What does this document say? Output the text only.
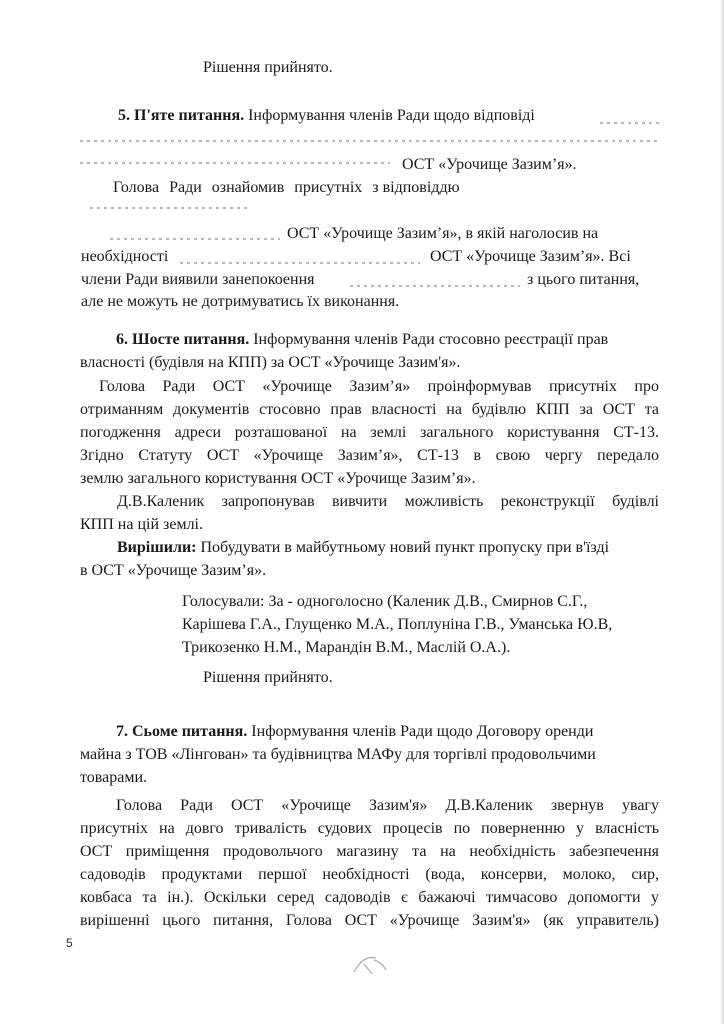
Рішення прийнято.
5. П'яте питання. Інформування членів Ради щодо відповіді
ОСТ «Урочище Зазим’я».
Голова Ради ознайомив присутніх з відповіддю
ОСТ «Урочище Зазим’я», в якій наголосив на
необхідності	ОСТ «Урочище Зазим’я». Всі
члени Ради виявили занепокоення	з цього питання,
але не можуть не дотримуватись їх виконання.
6. Шосте питання. Інформування членів Ради стосовно реєстрації прав
власності (будівля на КПП) за ОСТ «Урочище Зазим'я».
Голова Ради ОСТ «Урочище Зазим’я» проінформував присутніх про
отриманням документів стосовно прав власності на будівлю КПП за ОСТ та
погодження адреси розташованої на землі загального користування СТ-13.
Згідно Статуту ОСТ «Урочище Зазим’я», СТ-13 в свою чергу передало
землю загального користування ОСТ «Урочище Зазим’я».
Д.В.Каленик запропонував вивчити можливість реконструкції будівлі
КПП на цій землі.
Вирішили: Побудувати в майбутньому новий пункт пропуску при в'їзді
в ОСТ «Урочище Зазим’я».
Голосували: За - одноголосно (Каленик Д.В., Смирнов С.Г.,
Карішева Г.А., Глущенко М.А., Поплуніна Г.В., Уманська Ю.В,
Трикозенко Н.М., Марандін В.М., Маслій О.А.).
Рішення прийнято.
7. Сьоме питання. Інформування членів Ради щодо Договору оренди
майна з ТОВ «Лінгован» та будівництва МАФу для торгівлі продовольчими
товарами.
Голова Ради ОСТ «Урочище Зазим'я» Д.В.Каленик звернув увагу
присутніх на довго тривалість судових процесів по поверненню у власність
ОСТ приміщення продовольчого магазину та на необхідність забезпечення
садоводів продуктами першої необхідності (вода, консерви, молоко, сир,
ковбаса та ін.). Оскільки серед садоводів є бажаючі тимчасово допомогти у
вирішенні цього питання, Голова ОСТ «Урочище Зазим'я» (як управитель)
5
